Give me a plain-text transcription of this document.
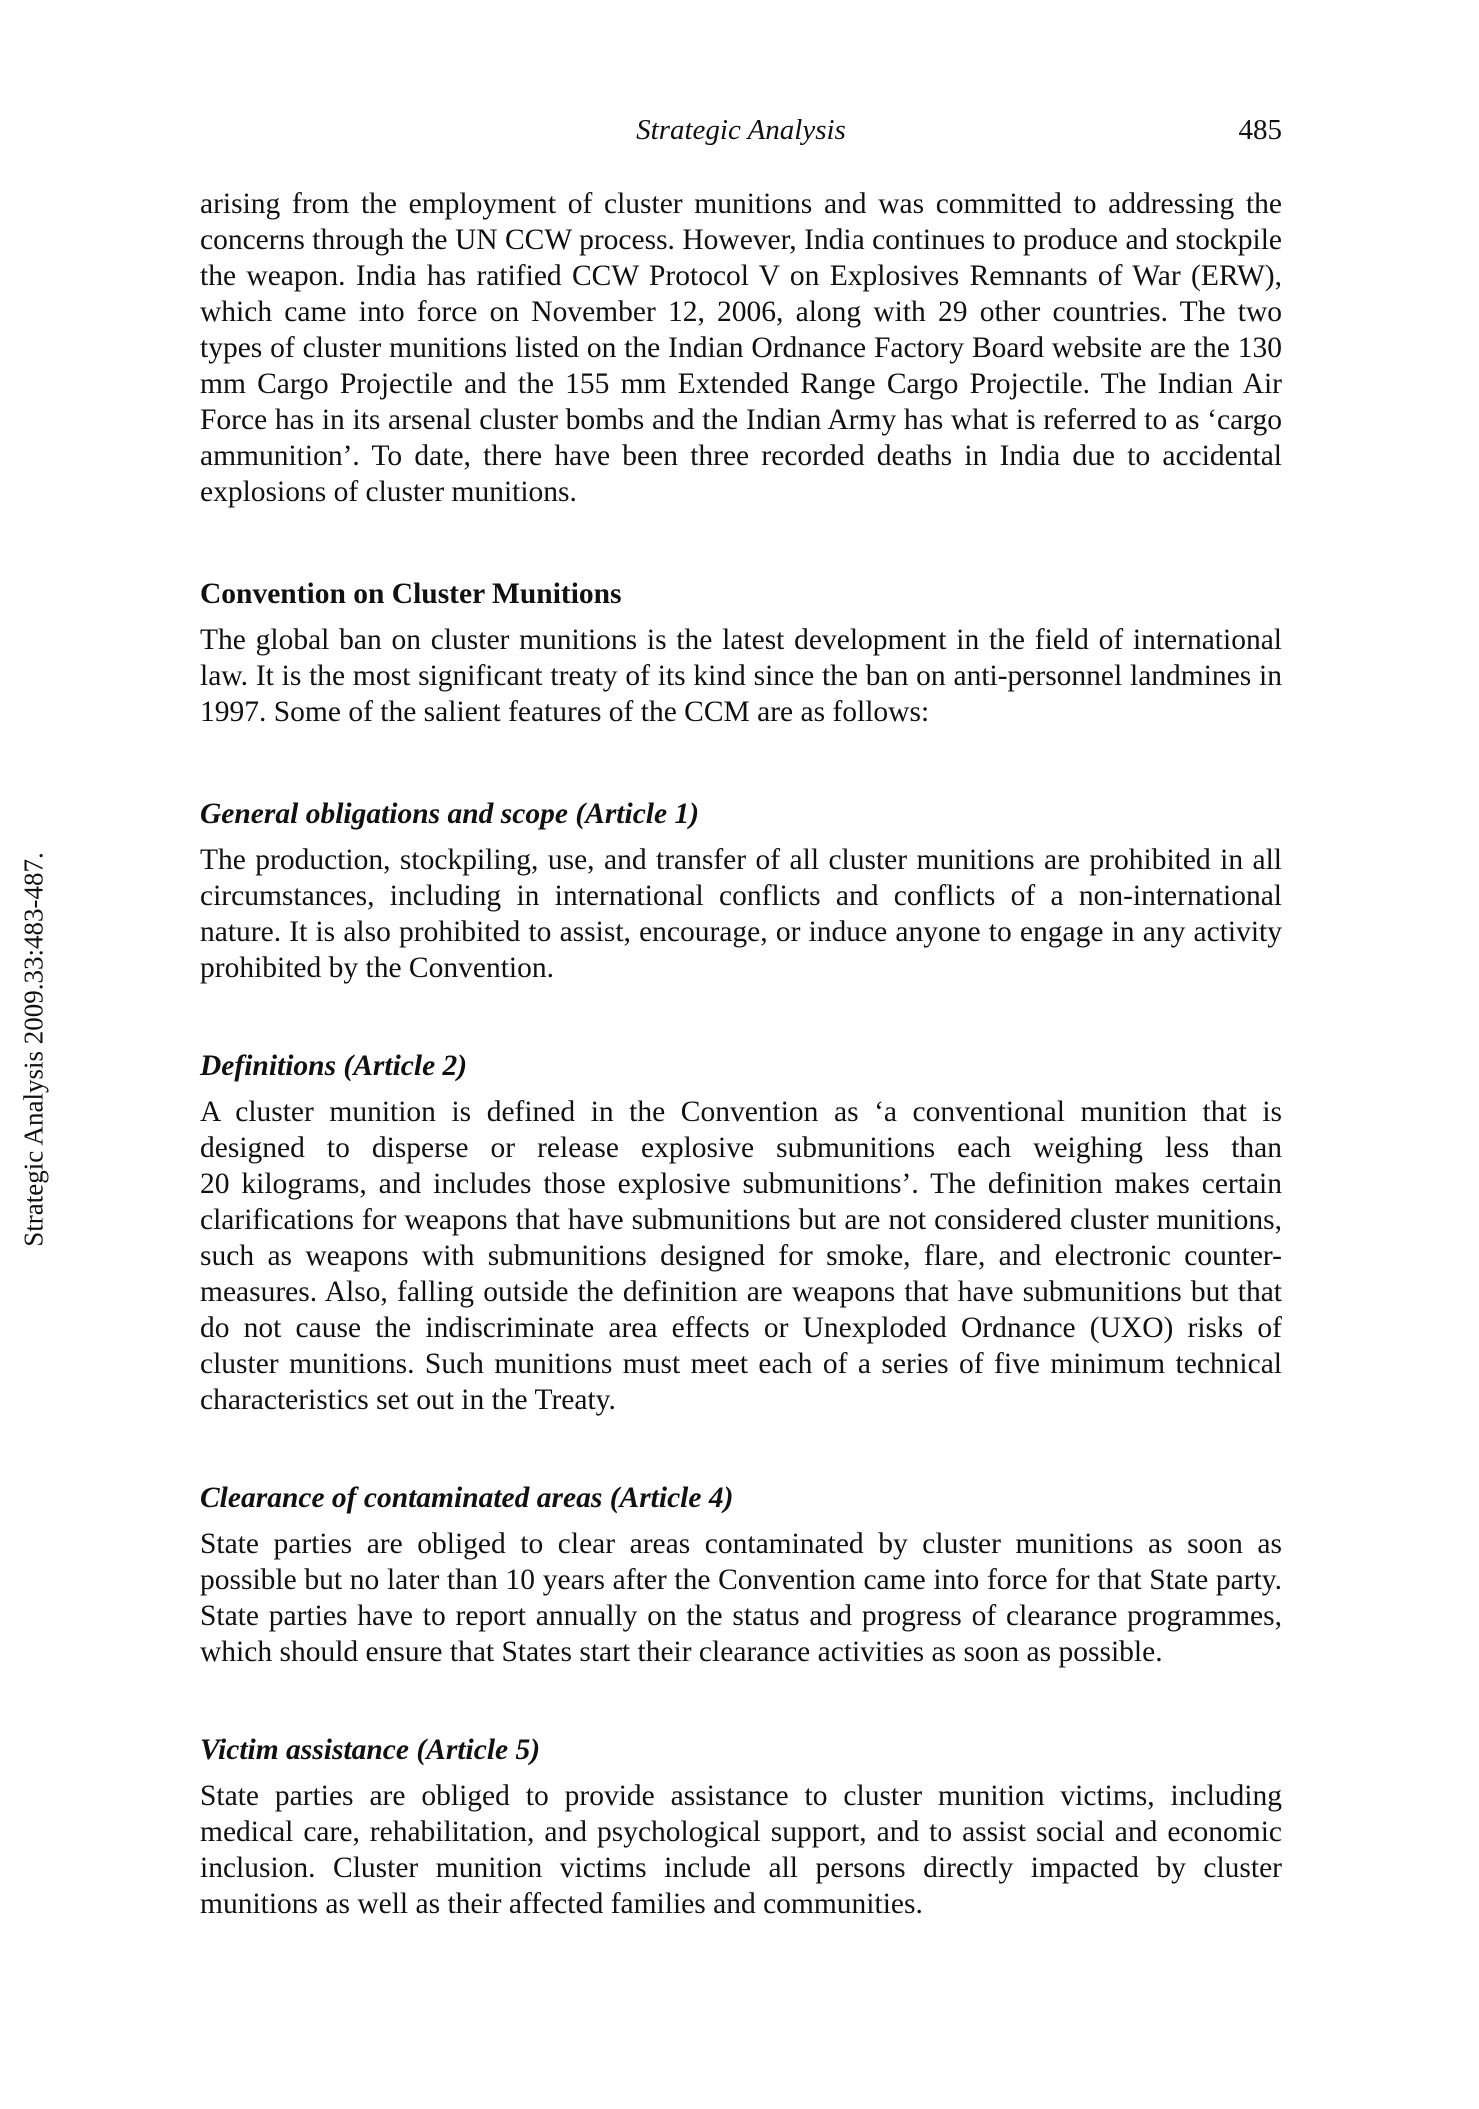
Strategic Analysis	485
Strategic Analysis 2009.33:483-487.

arising from the employment of cluster munitions and was committed to addressing the concerns through the UN CCW process. However, India continues to produce and stockpile the weapon. India has ratified CCW Protocol V on Explosives Remnants of War (ERW), which came into force on November 12, 2006, along with 29 other countries. The two types of cluster munitions listed on the Indian Ordnance Factory Board website are the 130 mm Cargo Projectile and the 155 mm Extended Range Cargo Projectile. The Indian Air Force has in its arsenal cluster bombs and the Indian Army has what is referred to as ‘cargo ammunition’. To date, there have been three recorded deaths in India due to accidental explosions of cluster munitions.

Convention on Cluster Munitions

The global ban on cluster munitions is the latest development in the field of international law. It is the most significant treaty of its kind since the ban on anti-personnel landmines in 1997. Some of the salient features of the CCM are as follows:

General obligations and scope (Article 1)

The production, stockpiling, use, and transfer of all cluster munitions are prohibited in all circumstances, including in international conflicts and conflicts of a non-international nature. It is also prohibited to assist, encourage, or induce anyone to engage in any activity prohibited by the Convention.

Definitions (Article 2)

A cluster munition is defined in the Convention as ‘a conventional munition that is designed to disperse or release explosive submunitions each weighing less than 20 kilograms, and includes those explosive submunitions’. The definition makes certain clarifications for weapons that have submunitions but are not considered cluster munitions, such as weapons with submunitions designed for smoke, flare, and electronic counter-measures. Also, falling outside the definition are weapons that have submunitions but that do not cause the indiscriminate area effects or Unexploded Ordnance (UXO) risks of cluster munitions. Such munitions must meet each of a series of five minimum technical characteristics set out in the Treaty.

Clearance of contaminated areas (Article 4)

State parties are obliged to clear areas contaminated by cluster munitions as soon as possible but no later than 10 years after the Convention came into force for that State party. State parties have to report annually on the status and progress of clearance programmes, which should ensure that States start their clearance activities as soon as possible.

Victim assistance (Article 5)

State parties are obliged to provide assistance to cluster munition victims, including medical care, rehabilitation, and psychological support, and to assist social and economic inclusion. Cluster munition victims include all persons directly impacted by cluster munitions as well as their affected families and communities.
